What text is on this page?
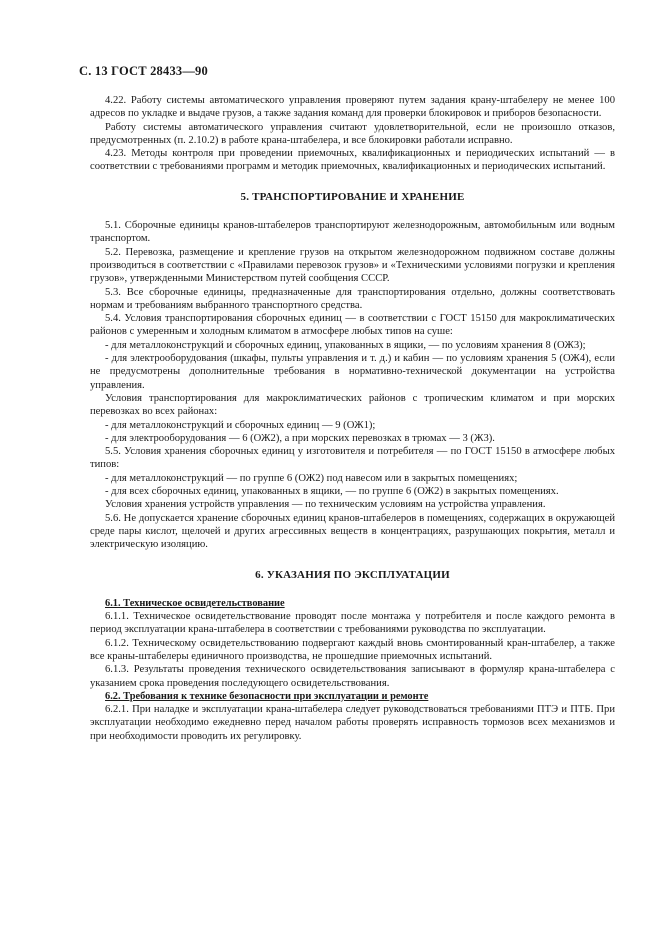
С. 13 ГОСТ 28433—90

4.22. Работу системы автоматического управления проверяют путем задания крану-штабелеру не менее 100 адресов по укладке и выдаче грузов, а также задания команд для проверки блокировок и приборов безопасности.

Работу системы автоматического управления считают удовлетворительной, если не произошло отказов, предусмотренных (п. 2.10.2) в работе крана-штабелера, и все блокировки работали исправно.

4.23. Методы контроля при проведении приемочных, квалификационных и периодических испытаний — в соответствии с требованиями программ и методик приемочных, квалификационных и периодических испытаний.

5. ТРАНСПОРТИРОВАНИЕ И ХРАНЕНИЕ

5.1. Сборочные единицы кранов-штабелеров транспортируют железнодорожным, автомобильным или водным транспортом.

5.2. Перевозка, размещение и крепление грузов на открытом железнодорожном подвижном составе должны производиться в соответствии с «Правилами перевозок грузов» и «Техническими условиями погрузки и крепления грузов», утвержденными Министерством путей сообщения СССР.

5.3. Все сборочные единицы, предназначенные для транспортирования отдельно, должны соответствовать нормам и требованиям выбранного транспортного средства.

5.4. Условия транспортирования сборочных единиц — в соответствии с ГОСТ 15150 для макроклиматических районов с умеренным и холодным климатом в атмосфере любых типов на суше:

- для металлоконструкций и сборочных единиц, упакованных в ящики, — по условиям хранения 8 (ОЖ3);

- для электрооборудования (шкафы, пульты управления и т. д.) и кабин — по условиям хранения 5 (ОЖ4), если не предусмотрены дополнительные требования в нормативно-технической документации на устройства управления.

Условия транспортирования для макроклиматических районов с тропическим климатом и при морских перевозках во всех районах:

- для металлоконструкций и сборочных единиц — 9 (ОЖ1);

- для электрооборудования — 6 (ОЖ2), а при морских перевозках в трюмах — 3 (Ж3).

5.5. Условия хранения сборочных единиц у изготовителя и потребителя — по ГОСТ 15150 в атмосфере любых типов:

- для металлоконструкций — по группе 6 (ОЖ2) под навесом или в закрытых помещениях;

- для всех сборочных единиц, упакованных в ящики, — по группе 6 (ОЖ2) в закрытых помещениях.

Условия хранения устройств управления — по техническим условиям на устройства управления.

5.6. Не допускается хранение сборочных единиц кранов-штабелеров в помещениях, содержащих в окружающей среде пары кислот, щелочей и других агрессивных веществ в концентрациях, разрушающих покрытия, металл и электрическую изоляцию.

6. УКАЗАНИЯ ПО ЭКСПЛУАТАЦИИ

6.1. Техническое освидетельствование

6.1.1. Техническое освидетельствование проводят после монтажа у потребителя и после каждого ремонта в период эксплуатации крана-штабелера в соответствии с требованиями руководства по эксплуатации.

6.1.2. Техническому освидетельствованию подвергают каждый вновь смонтированный кран-штабелер, а также все краны-штабелеры единичного производства, не прошедшие приемочных испытаний.

6.1.3. Результаты проведения технического освидетельствования записывают в формуляр крана-штабелера с указанием срока проведения последующего освидетельствования.

6.2. Требования к технике безопасности при эксплуатации и ремонте

6.2.1. При наладке и эксплуатации крана-штабелера следует руководствоваться требованиями ПТЭ и ПТБ. При эксплуатации необходимо ежедневно перед началом работы проверять исправность тормозов всех механизмов и при необходимости проводить их регулировку.
